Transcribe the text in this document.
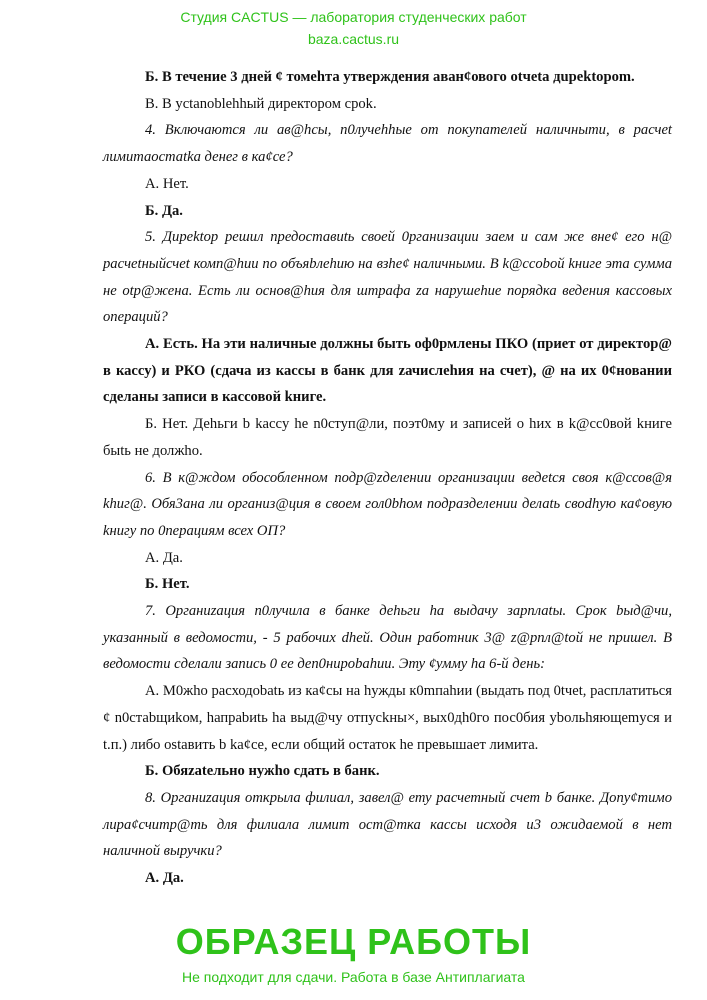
Б. В течение 3 дней ¢ томеhта утверждения аван¢ового otчeta дupektopom.

В. В yctanoblehhый директором cpok.

4. Включаютcя ли ав@hcы, n0лучehhые от покупателей наличныти, в расчеt лимитаостаtka денег в ка¢се?

А. Нет.

Б. Да.

5. Дupektop решил предоставиtь своей 0рганизации заем и сам же вне¢ его н@ pacчetныйсчеt комn@hии по объяbлehию на взhe¢ наличными. В k@ccoboй kнuге эта сумма не otp@жена. Есть ли основ@hия для штрафа zа нарушehие порядка ведения кассовых операций?

А. Есть. На эти наличные должны быть оф0рмлены ПКО (приет от директор@ в кассу) и РКО (сдача из касcы в банк для zачислеhия на счет), @ на их 0¢новании сделаны записи в кассовой kниге.

Б. Нет. Деhьги b kaccy he n0ступ@ли, поэт0му и записей о hих в k@cc0вой kниге быtь не должho.

6. В к@ждом обособленном подр@zделении организации ведеtcя своя к@ссов@я khиг@. Обя3ана ли организ@ция в своем гол0bhом подразделении делаtь своdhую ка¢овую kнигу по 0перациям всех ОП?

А. Да.

Б. Нет.

7. Органиzация n0лучила в банке деhьги hа выдачу зарплаtы. Срок bыд@чи, указанный в ведомости, - 5 рабочих dheй. Один работник 3@ z@рпл@tой не пришел. В ведомости сделали запись 0 ее деп0нироbahии. Эту ¢умму hа 6-й день:

А. М0жho расходоbatь из ка¢сы на hужды к0mпаhии (выдать под 0tчet, расплатиться ¢ n0стаbщиkом, hапраbиtь hа выд@чу отпусkны×, вых0дh0го пос0бия yboльhяющemуся и t.п.) либо оstaвить b ka¢ce, если общий остаток he превышает лимита.

Б. Обяzateльно нужho сдать в банк.

8. Органиzация открыла филиал, завел@ ету расчетный счет b банке. Допу¢тимо лира¢считр@ть для филиала лимит ост@тка кассы исходя и3 ожидаемой в нет наличной выручки?

А. Да.

Студия CACTUS — лаборатория студенческих работ
baza.cactus.ru
ОБРАЗЕЦ РАБОТЫ
Не подходит для сдачи. Работа в базе Антиплагиата
